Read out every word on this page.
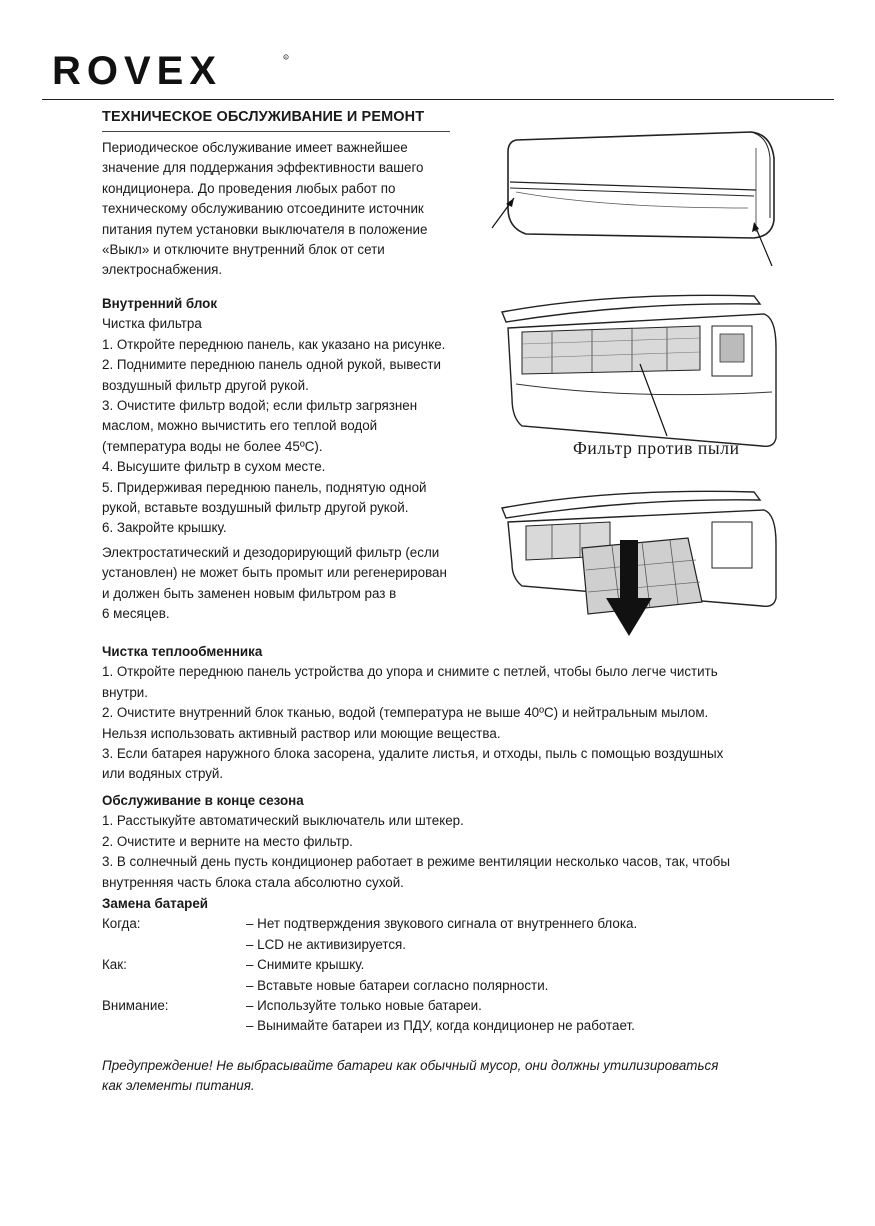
ROVEX	R
ТЕХНИЧЕСКОЕ ОБСЛУЖИВАНИЕ И РЕМОНТ
Периодическое обслуживание имеет важнейшее
значение для поддержания эффективности вашего
кондиционера. До проведения любых работ по
техническому обслуживанию отсоедините источник
питания путем установки выключателя в положение
«Выкл» и отключите внутренний блок от сети
электроснабжения.

Внутренний блок

Чистка фильтра

1. Откройте переднюю панель, как указано на рисунке.

2. Поднимите переднюю панель одной рукой, вывести

воздушный фильтр другой рукой.

3. Очистите фильтр водой; если фильтр загрязнен

маслом, можно вычистить его теплой водой

(температура воды не более 45ºС).

4. Высушите фильтр в сухом месте.

5. Придерживая переднюю панель, поднятую одной

рукой, вставьте воздушный фильтр другой рукой.

6. Закройте крышку.

Электростатический и дезодорирующий фильтр (если

установлен) не может быть промыт или регенерирован

и должен быть заменен новым фильтром раз в

6 месяцев.

Фильтр против пыли

Чистка теплообменника

1. Откройте переднюю панель устройства до упора и снимите с петлей, чтобы было легче чистить

внутри.

2. Очистите внутренний блок тканью, водой (температура не выше 40ºС) и нейтральным мылом.

Нельзя использовать активный раствор или моющие вещества.

3. Если батарея наружного блока засорена, удалите листья, и отходы, пыль с помощью воздушных

или водяных струй.

Обслуживание в конце сезона

1. Расстыкуйте автоматический выключатель или штекер.

2. Очистите и верните на место фильтр.

3. В солнечный день пусть кондиционер работает в режиме вентиляции несколько часов, так, чтобы

внутренняя часть блока стала абсолютно сухой.

Замена батарей

Когда:	– Нет подтверждения звукового сигнала от внутреннего блока.
– LCD не активизируется.
Как:	– Снимите крышку.
– Вставьте новые батареи согласно полярности.
Внимание:	– Используйте только новые батареи.
– Вынимайте батареи из ПДУ, когда кондиционер не работает.

Предупреждение! Не выбрасывайте батареи как обычный мусор, они должны утилизироваться

как элементы питания.
